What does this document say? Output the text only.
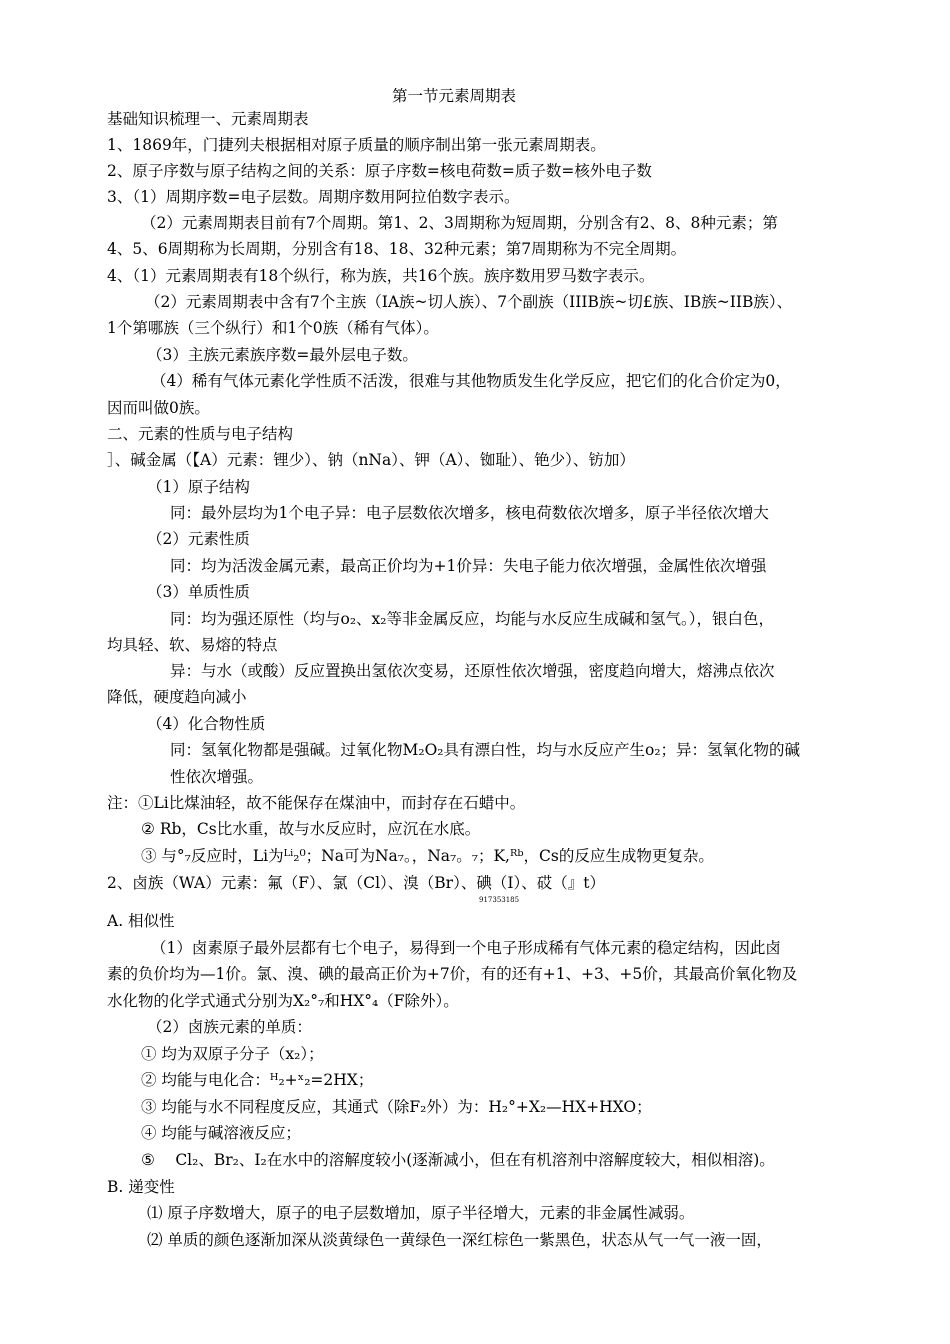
第一节元素周期表
基础知识梳理一、元素周期表
1、1869年，门捷列夫根据相对原子质量的顺序制出第一张元素周期表。
2、原子序数与原子结构之间的关系：原子序数=核电荷数=质子数=核外电子数
3、（1）周期序数=电子层数。周期序数用阿拉伯数字表示。
（2）元素周期表目前有7个周期。第1、2、3周期称为短周期，分别含有2、8、8种元素；第
4、5、6周期称为长周期，分别含有18、18、32种元素；第7周期称为不完全周期。
4、（1）元素周期表有18个纵行，称为族，共16个族。族序数用罗马数字表示。
（2）元素周期表中含有7个主族（IA族~切人族）、7个副族（IIIB族~切£族、IB族~IIB族）、
1个第哪族（三个纵行）和1个0族（稀有气体）。
（3）主族元素族序数=最外层电子数。
（4）稀有气体元素化学性质不活泼，很难与其他物质发生化学反应，把它们的化合价定为0，
因而叫做0族。
二、元素的性质与电子结构
］、碱金属（【A）元素：锂少）、钠（nNa）、钾（A）、铷耻）、铯少）、钫加）
（1）原子结构
同：最外层均为1个电子异：电子层数依次增多，核电荷数依次增多，原子半径依次增大
（2）元素性质
同：均为活泼金属元素，最高正价均为+1价异：失电子能力依次增强，金属性依次增强
（3）单质性质
同：均为强还原性（均与o₂、x₂等非金属反应，均能与水反应生成碱和氢气。），银白色，
均具轻、软、易熔的特点
异：与水（或酸）反应置换出氢依次变易，还原性依次增强，密度趋向增大，熔沸点依次
降低，硬度趋向减小
（4）化合物性质
同：氢氧化物都是强碱。过氧化物M₂O₂具有漂白性，均与水反应产生o₂；异：氢氧化物的碱
性依次增强。
注：①Li比煤油轻，故不能保存在煤油中，而封存在石蜡中。
② Rb，Cs比水重，故与水反应时，应沉在水底。
③ 与°₇反应时，Li为ᴸⁱ₂⁰；Na可为Na₇。，Na₇。₇；K,ᴿᵇ，Cs的反应生成物更复杂。
2、卤族（WA）元素：氟（F）、氯（Cl）、溴（Br）、碘（I）、砹（』t）
917353185
A. 相似性
（1）卤素原子最外层都有七个电子，易得到一个电子形成稀有气体元素的稳定结构，因此卤
素的负价均为—1价。氯、溴、碘的最高正价为+7价，有的还有+1、+3、+5价，其最高价氧化物及
水化物的化学式通式分别为X₂°₇和HX°₄（F除外）。
（2）卤族元素的单质：
① 均为双原子分子（x₂）；
② 均能与电化合：ᴴ₂+ˣ₂=2HX；
③ 均能与水不同程度反应，其通式（除F₂外）为：H₂°+X₂—HX+HXO；
④ 均能与碱溶液反应；
⑤　 Cl₂、Br₂、I₂在水中的溶解度较小(逐渐减小，但在有机溶剂中溶解度较大，相似相溶)。
B. 递变性
⑴ 原子序数增大，原子的电子层数增加，原子半径增大，元素的非金属性减弱。
⑵ 单质的颜色逐渐加深从淡黄绿色一黄绿色一深红棕色一紫黑色，状态从气一气一液一固，
